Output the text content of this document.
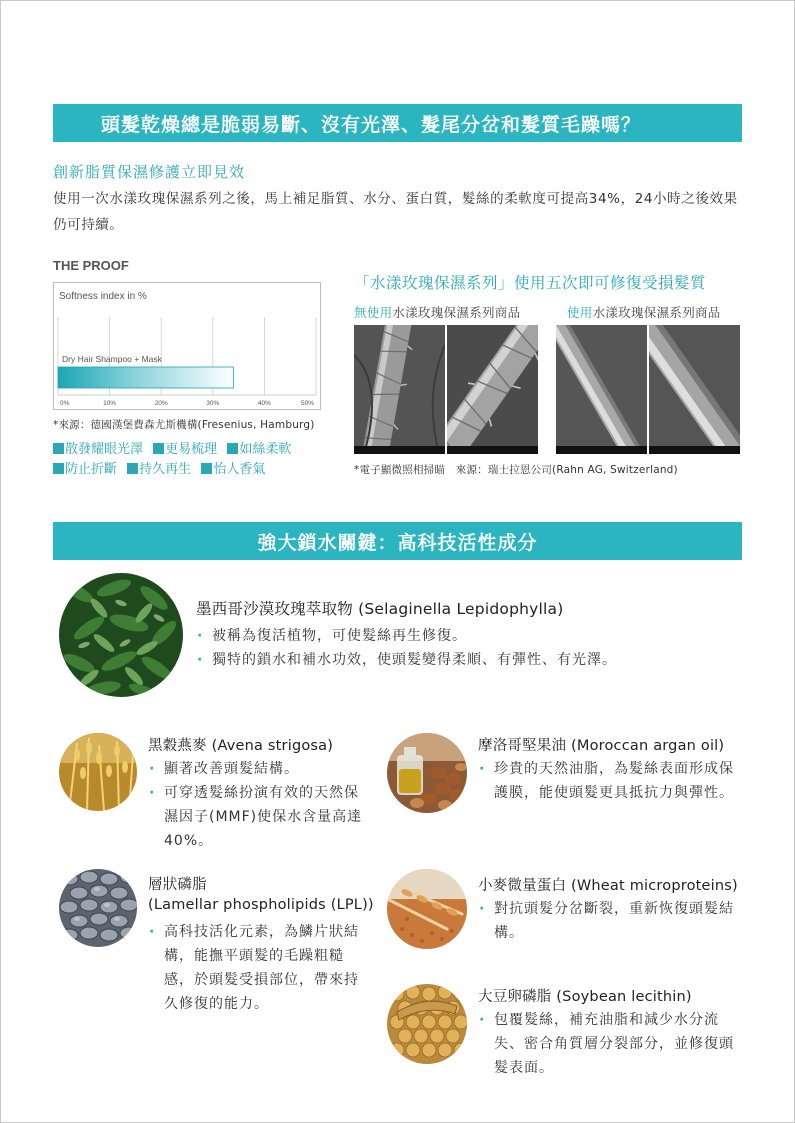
頭髮乾燥總是脆弱易斷、沒有光澤、髮尾分岔和髮質毛躁嗎？
創新脂質保濕修護立即見效
使用一次水漾玫瑰保濕系列之後，馬上補足脂質、水分、蛋白質，髮絲的柔軟度可提高34%，24小時之後效果仍可持續。
THE PROOF
Softness index in %
Dry Hair Shampoo + Mask
0%	10%	20%	30%	40%	50%
*來源：德國漢堡費森尤斯機構(Fresenius, Hamburg)
散發耀眼光澤 更易梳理 如絲柔軟
防止折斷 持久再生 怡人香氣
「水漾玫瑰保濕系列」使用五次即可修復受損髮質
無使用水漾玫瑰保濕系列商品	使用水漾玫瑰保濕系列商品
*電子顯微照相掃瞄　來源：瑞士拉恩公司(Rahn AG, Switzerland)
強大鎖水關鍵：高科技活性成分
墨西哥沙漠玫瑰萃取物 (Selaginella Lepidophylla)
· 被稱為復活植物，可使髮絲再生修復。
· 獨特的鎖水和補水功效，使頭髮變得柔順、有彈性、有光澤。
黑穀燕麥 (Avena strigosa)
· 顯著改善頭髮結構。
· 可穿透髮絲扮演有效的天然保濕因子(MMF)使保水含量高達40%。
層狀磷脂
(Lamellar phospholipids (LPL))
· 高科技活化元素，為鱗片狀結構，能撫平頭髮的毛躁粗糙感，於頭髮受損部位，帶來持久修復的能力。
摩洛哥堅果油 (Moroccan argan oil)
· 珍貴的天然油脂，為髮絲表面形成保護膜，能使頭髮更具抵抗力與彈性。
小麥微量蛋白 (Wheat microproteins)
· 對抗頭髮分岔斷裂，重新恢復頭髮結構。
大豆卵磷脂 (Soybean lecithin)
· 包覆髮絲，補充油脂和減少水分流失、密合角質層分裂部分，並修復頭髮表面。
